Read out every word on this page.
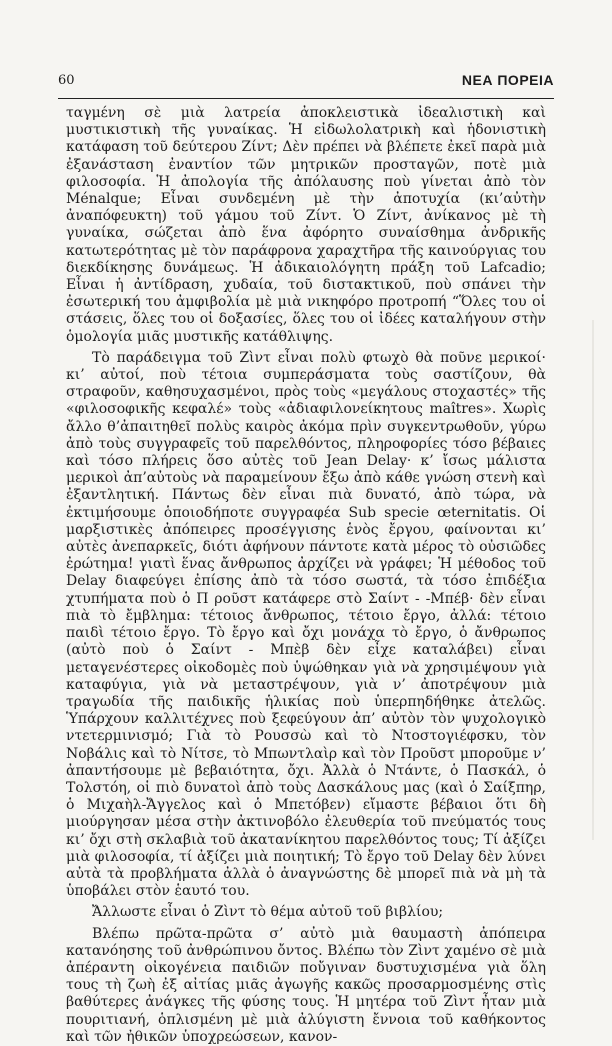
60	ΝΕΑ ΠΟΡΕΙΑ

ταγμένη σὲ μιὰ λατρεία ἀποκλειστικὰ ἰδεαλιστικὴ καὶ μυστικιστικὴ τῆς γυναίκας. Ἡ εἰδωλολατρικὴ καὶ ἡδονιστικὴ κατάφαση τοῦ δεύτερου Ζίντ; Δὲν πρέπει νὰ βλέπετε ἐκεῖ παρὰ μιὰ ἐξανάσταση ἐναντίον τῶν μητρικῶν προσταγῶν, ποτὲ μιὰ φιλοσοφία. Ἡ ἀπολογία τῆς ἀπόλαυσης ποὺ γίνεται ἀπὸ τὸν Ménalque; Εἶναι συνδεμένη μὲ τὴν ἀποτυχία (κι’αὐτὴν ἀναπόφευκτη) τοῦ γάμου τοῦ Ζίντ. Ὁ Ζίντ, ἀνίκανος μὲ τὴ γυναίκα, σώζεται ἀπὸ ἕνα ἀφόρητο συναίσθημα ἀνδρικῆς κατωτερότητας μὲ τὸν παράφρονα χαραχτῆρα τῆς καινούργιας του διεκδίκησης δυνάμεως. Ἡ ἀδικαιολόγητη πράξη τοῦ Lafcadio; Εἶναι ἡ ἀντίδραση, χυδαία, τοῦ διστακτικοῦ, ποὺ σπάνει τὴν ἐσωτερική του ἀμφιβολία μὲ μιὰ νικηφόρο προτροπή “Ὅλες του οἱ στάσεις, ὅλες του οἱ δοξασίες, ὅλες του οἱ ἰδέες καταλήγουν στὴν ὁμολογία μιᾶς μυστικῆς κατάθλιψης.

Τὸ παράδειγμα τοῦ Ζὶντ εἶναι πολὺ φτωχὸ θὰ ποῦνε μερικοί· κι’ αὐτοί, ποὺ τέτοια συμπεράσματα τοὺς σαστίζουν, θὰ στραφοῦν, καθησυχασμένοι, πρὸς τοὺς «μεγάλους στοχαστές» τῆς «φιλοσοφικῆς κεφαλέ» τοὺς «ἀδιαφιλονείκητους maîtres». Χωρὶς ἄλλο θ’ἀπαιτηθεῖ πολὺς καιρὸς ἀκόμα πρὶν συγκεντρωθοῦν, γύρω ἀπὸ τοὺς συγγραφεῖς τοῦ παρελθόντος, πληροφορίες τόσο βέβαιες καὶ τόσο πλήρεις ὅσο αὐτὲς τοῦ Jean Delay· κ’ ἴσως μάλιστα μερικοὶ ἀπ’αὐτοὺς νὰ παραμείνουν ἔξω ἀπὸ κάθε γνώση στενὴ καὶ ἐξαντλητική. Πάντως δὲν εἶναι πιὰ δυνατό, ἀπὸ τώρα, νὰ ἐκτιμήσουμε ὁποιοδήποτε συγγραφέα Sub specie œternitatis. Οἱ μαρξιστικὲς ἀπόπειρες προσέγγισης ἑνὸς ἔργου, φαίνονται κι’ αὐτὲς ἀνεπαρκεῖς, διότι ἀφήνουν πάντοτε κατὰ μέρος τὸ οὐσιῶδες ἐρώτημα! γιατὶ ἕνας ἄνθρωπος ἀρχίζει νὰ γράφει; Ἡ μέθοδος τοῦ Delay διαφεύγει ἐπίσης ἀπὸ τὰ τόσο σωστά, τὰ τόσο ἐπιδέξια χτυπήματα ποὺ ὁ Π ροῦστ κατάφερε στὸ Σαίντ - -Μπέβ· δὲν εἶναι πιὰ τὸ ἔμβλημα: τέτοιος ἄνθρωπος, τέτοιο ἔργο, ἀλλά: τέτοιο παιδὶ τέτοιο ἔργο. Τὸ ἔργο καὶ ὄχι μονάχα τὸ ἔργο, ὁ ἄνθρωπος (αὐτὸ ποὺ ὁ Σαίντ - Μπὲβ δὲν εἶχε καταλάβει) εἶναι μεταγενέστερες οἰκοδομὲς ποὺ ὑψώθηκαν γιὰ νὰ χρησιμέψουν γιὰ καταφύγια, γιὰ νὰ μεταστρέψουν, γιὰ ν’ ἀποτρέψουν μιὰ τραγωδία τῆς παιδικῆς ἡλικίας ποὺ ὑπερπηδήθηκε ἀτελῶς. Ὑπάρχουν καλλιτέχνες ποὺ ξεφεύγουν ἀπ’ αὐτὸν τὸν ψυχολογικὸ ντετερμινισμό; Γιὰ τὸ Ρουσσὼ καὶ τὸ Ντοστογιέφσκυ, τὸν Νοβάλις καὶ τὸ Νίτσε, τὸ Μπωντλαὶρ καὶ τὸν Προῦστ μποροῦμε ν’ ἀπαντήσουμε μὲ βεβαιότητα, ὄχι. Ἀλλὰ ὁ Ντάντε, ὁ Πασκάλ, ὁ Τολστόη, οἱ πιὸ δυνατοὶ ἀπὸ τοὺς Δασκάλους μας (καὶ ὁ Σαίξπηρ, ὁ Μιχαὴλ-Ἄγγελος καὶ ὁ Μπετόβεν) εἴμαστε βέβαιοι ὅτι δὴ μιούργησαν μέσα στὴν ἀκτινοβόλο ἐλευθερία τοῦ πνεύματός τους κι’ ὄχι στὴ σκλαβιὰ τοῦ ἀκατανίκητου παρελθόντος τους; Τί ἀξίζει μιὰ φιλοσοφία, τί ἀξίζει μιὰ ποιητική; Τὸ ἔργο τοῦ Delay δὲν λύνει αὐτὰ τὰ προβλήματα ἀλλὰ ὁ ἀναγνώστης δὲ μπορεῖ πιὰ νὰ μὴ τὰ ὑποβάλει στὸν ἑαυτό του.

Ἄλλωστε εἶναι ὁ Ζὶντ τὸ θέμα αὐτοῦ τοῦ βιβλίου;

Βλέπω πρῶτα-πρῶτα σ’ αὐτὸ μιὰ θαυμαστὴ ἀπόπειρα κατανόησης τοῦ ἀνθρώπινου ὄντος. Βλέπω τὸν Ζὶντ χαμένο σὲ μιὰ ἀπέραντη οἰκογένεια παιδιῶν ποὔγιναν δυστυχισμένα γιὰ ὅλη τους τὴ ζωὴ ἐξ αἰτίας μιᾶς ἀγωγῆς κακῶς προσαρμοσμένης στὶς βαθύτερες ἀνάγκες τῆς φύσης τους. Ἡ μητέρα τοῦ Ζὶντ ἦταν μιὰ πουριτιανή, ὁπλισμένη μὲ μιὰ ἀλύγιστη ἔννοια τοῦ καθήκοντος καὶ τῶν ἠθικῶν ὑποχρεώσεων, κανον-
